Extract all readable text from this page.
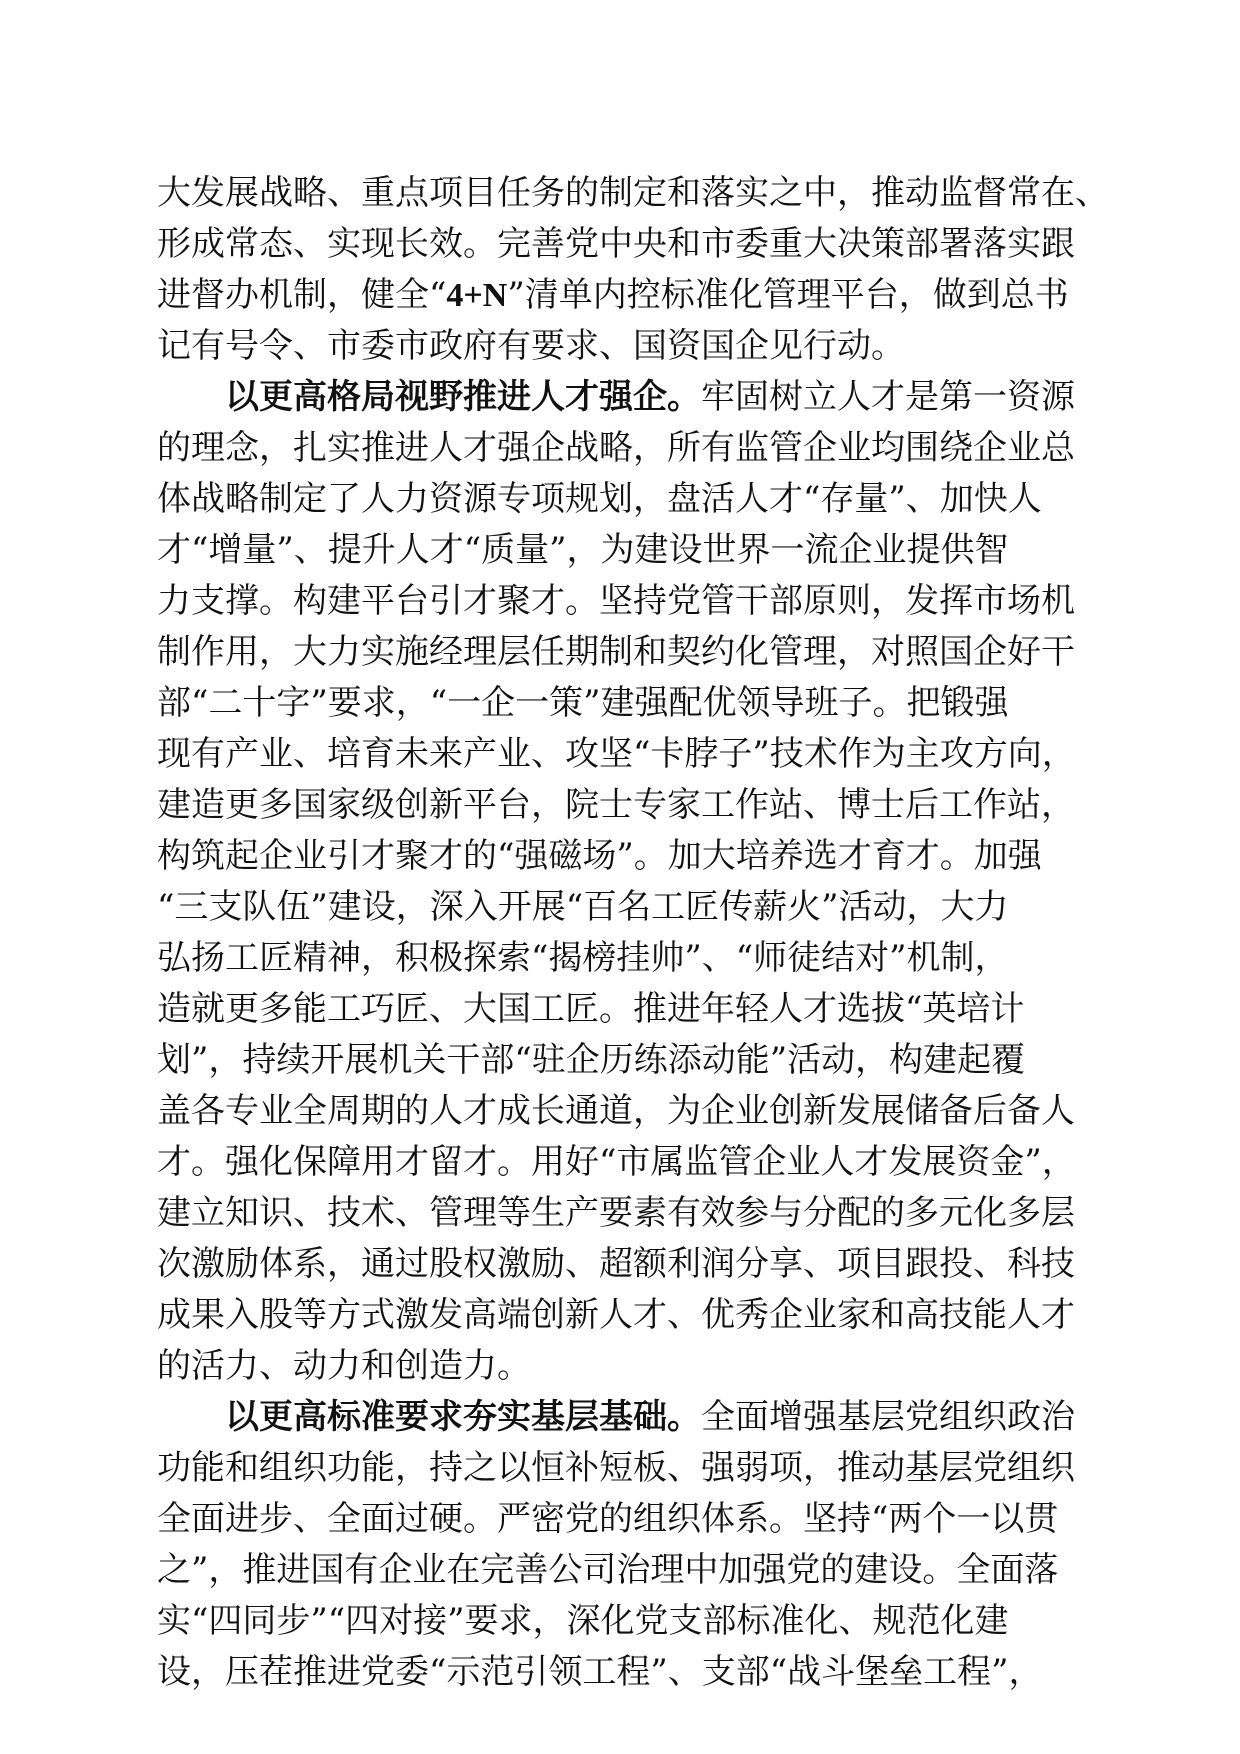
大发展战略、重点项目任务的制定和落实之中，推动监督常在、
形成常态、实现长效。完善党中央和市委重大决策部署落实跟
进督办机制，健全“4+N”清单内控标准化管理平台，做到总书
记有号令、市委市政府有要求、国资国企见行动。
以更高格局视野推进人才强企。牢固树立人才是第一资源
的理念，扎实推进人才强企战略，所有监管企业均围绕企业总
体战略制定了人力资源专项规划，盘活人才“存量”、加快人
才“增量”、提升人才“质量”，为建设世界一流企业提供智
力支撑。构建平台引才聚才。坚持党管干部原则，发挥市场机
制作用，大力实施经理层任期制和契约化管理，对照国企好干
部“二十字”要求，“一企一策”建强配优领导班子。把锻强
现有产业、培育未来产业、攻坚“卡脖子”技术作为主攻方向，
建造更多国家级创新平台，院士专家工作站、博士后工作站，
构筑起企业引才聚才的“强磁场”。加大培养选才育才。加强
“三支队伍”建设，深入开展“百名工匠传薪火”活动，大力
弘扬工匠精神，积极探索“揭榜挂帅”、“师徒结对”机制，
造就更多能工巧匠、大国工匠。推进年轻人才选拔“英培计
划”，持续开展机关干部“驻企历练添动能”活动，构建起覆
盖各专业全周期的人才成长通道，为企业创新发展储备后备人
才。强化保障用才留才。用好“市属监管企业人才发展资金”，
建立知识、技术、管理等生产要素有效参与分配的多元化多层
次激励体系，通过股权激励、超额利润分享、项目跟投、科技
成果入股等方式激发高端创新人才、优秀企业家和高技能人才
的活力、动力和创造力。
以更高标准要求夯实基层基础。全面增强基层党组织政治
功能和组织功能，持之以恒补短板、强弱项，推动基层党组织
全面进步、全面过硬。严密党的组织体系。坚持“两个一以贯
之”，推进国有企业在完善公司治理中加强党的建设。全面落
实“四同步”“四对接”要求，深化党支部标准化、规范化建
设，压茬推进党委“示范引领工程”、支部“战斗堡垒工程”，
